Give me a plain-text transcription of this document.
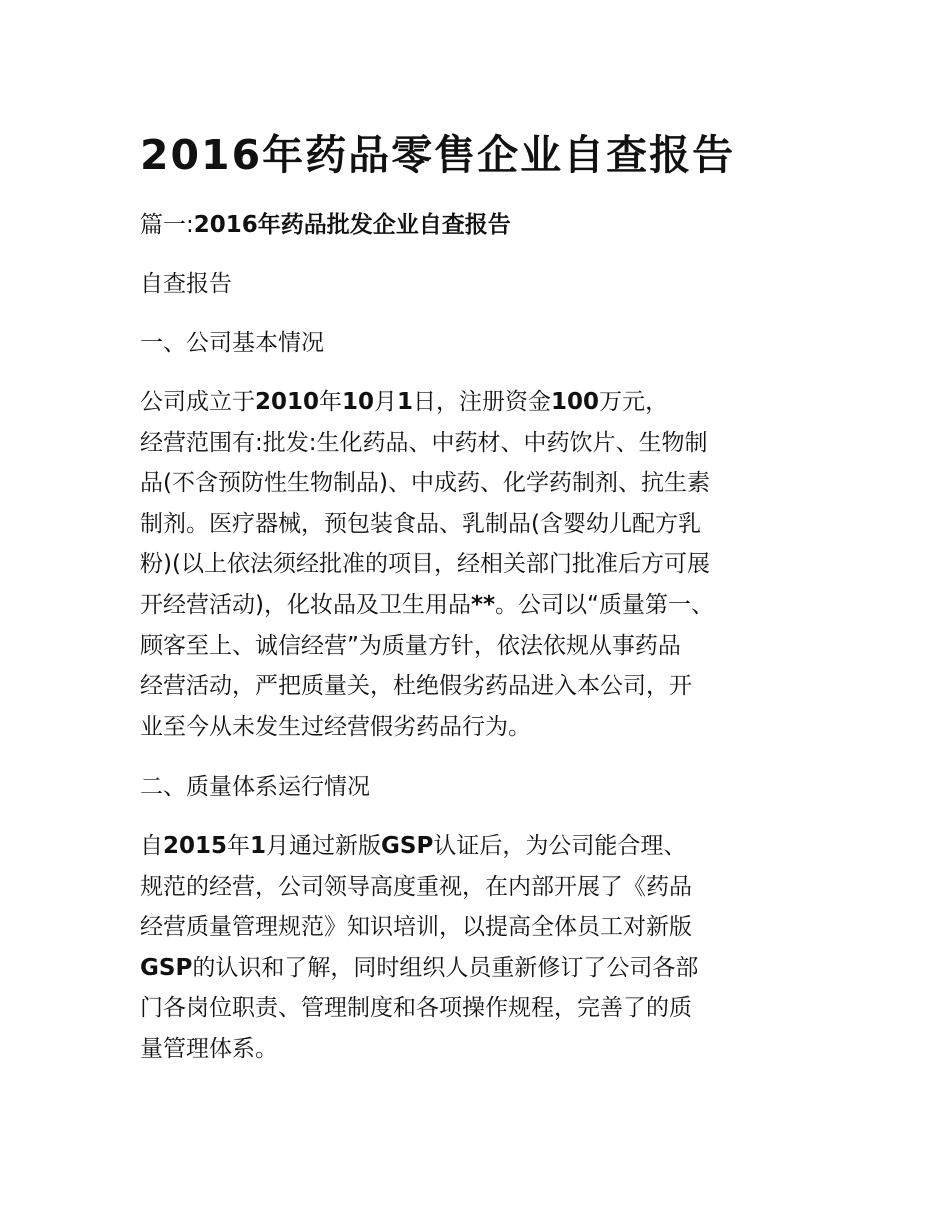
2016年药品零售企业自查报告

篇一:2016年药品批发企业自查报告

自查报告

一、公司基本情况

公司成立于2010年10月1日，注册资金100万元，
经营范围有:批发:生化药品、中药材、中药饮片、生物制
品(不含预防性生物制品)、中成药、化学药制剂、抗生素
制剂。医疗器械，预包装食品、乳制品(含婴幼儿配方乳
粉)(以上依法须经批准的项目，经相关部门批准后方可展
开经营活动)，化妆品及卫生用品**。公司以“质量第一、
顾客至上、诚信经营”为质量方针，依法依规从事药品
经营活动，严把质量关，杜绝假劣药品进入本公司，开
业至今从未发生过经营假劣药品行为。

二、质量体系运行情况

自2015年1月通过新版GSP认证后，为公司能合理、
规范的经营，公司领导高度重视，在内部开展了《药品
经营质量管理规范》知识培训，以提高全体员工对新版
GSP的认识和了解，同时组织人员重新修订了公司各部
门各岗位职责、管理制度和各项操作规程，完善了的质
量管理体系。
